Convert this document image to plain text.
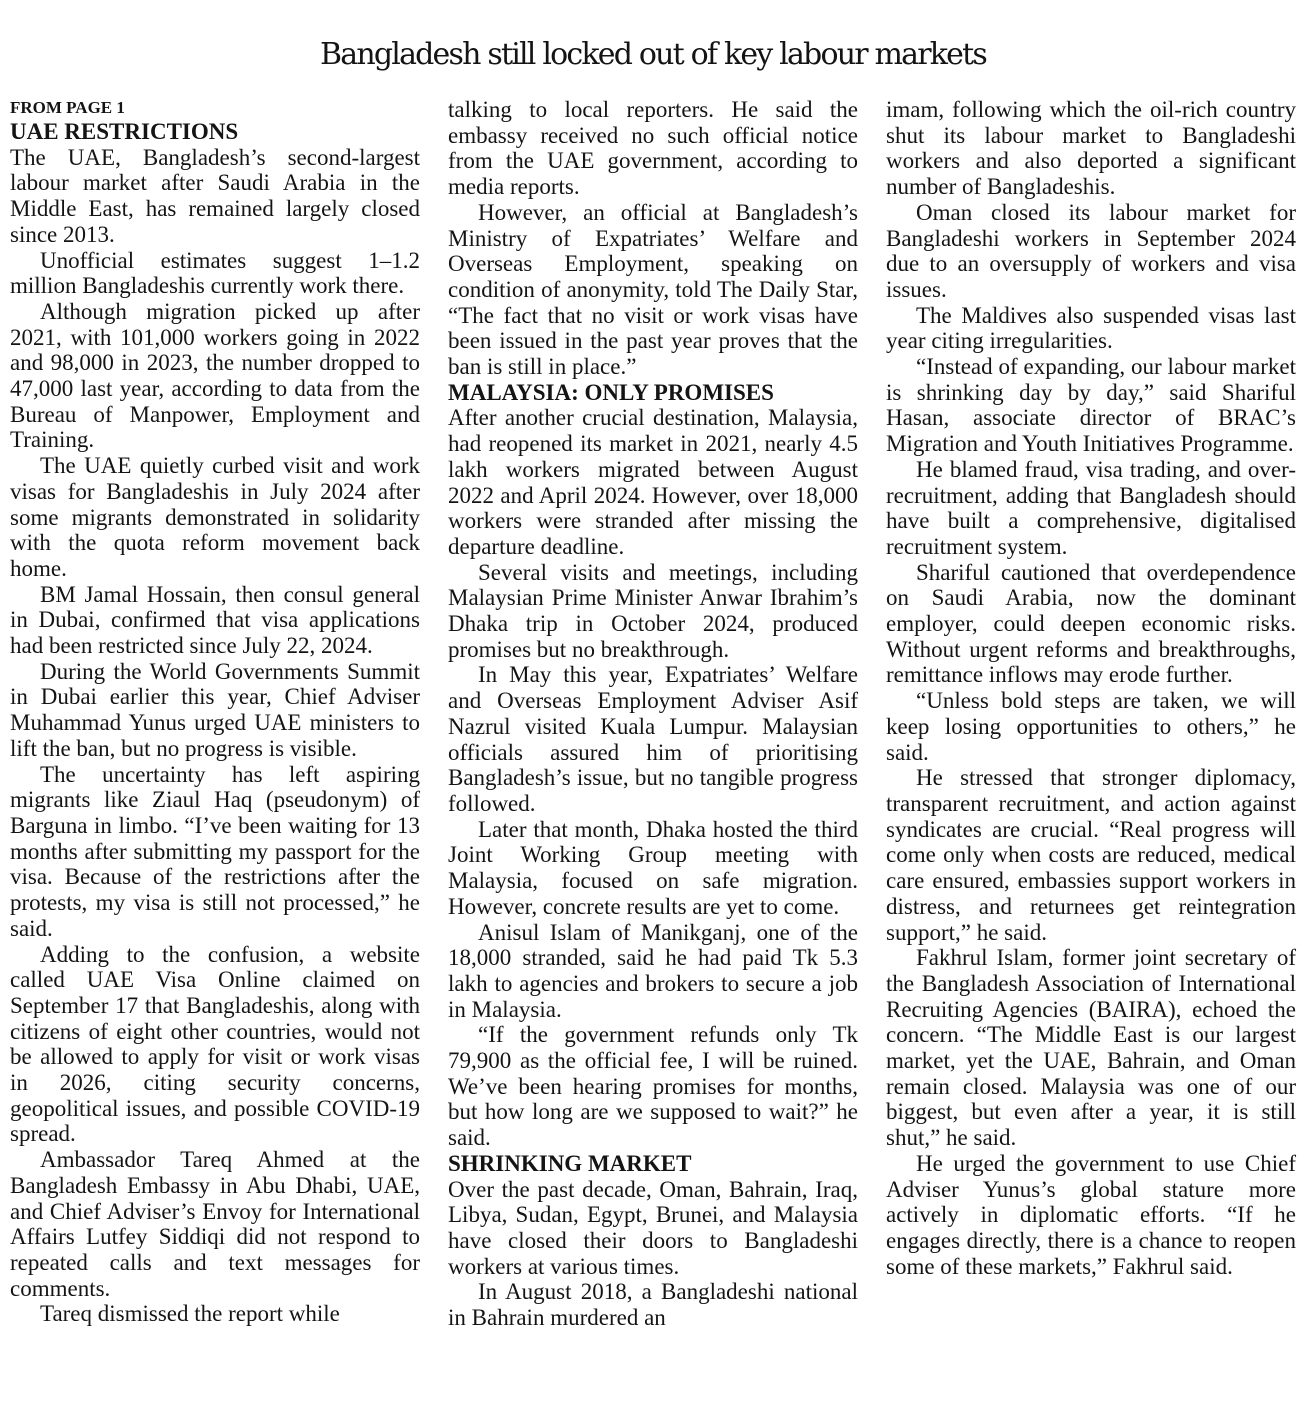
Bangladesh still locked out of key labour markets

FROM PAGE 1

UAE RESTRICTIONS

The UAE, Bangladesh’s second-largest labour market after Saudi Arabia in the Middle East, has remained largely closed since 2013.

Unofficial estimates suggest 1–1.2 million Bangladeshis currently work there.

Although migration picked up after 2021, with 101,000 workers going in 2022 and 98,000 in 2023, the number dropped to 47,000 last year, according to data from the Bureau of Manpower, Employment and Training.

The UAE quietly curbed visit and work visas for Bangladeshis in July 2024 after some migrants demonstrated in solidarity with the quota reform movement back home.

BM Jamal Hossain, then consul general in Dubai, confirmed that visa applications had been restricted since July 22, 2024.

During the World Governments Summit in Dubai earlier this year, Chief Adviser Muhammad Yunus urged UAE ministers to lift the ban, but no progress is visible.

The uncertainty has left aspiring migrants like Ziaul Haq (pseudonym) of Barguna in limbo. “I’ve been waiting for 13 months after submitting my passport for the visa. Because of the restrictions after the protests, my visa is still not processed,” he said.

Adding to the confusion, a website called UAE Visa Online claimed on September 17 that Bangladeshis, along with citizens of eight other countries, would not be allowed to apply for visit or work visas in 2026, citing security concerns, geopolitical issues, and possible COVID-19 spread.

Ambassador Tareq Ahmed at the Bangladesh Embassy in Abu Dhabi, UAE, and Chief Adviser’s Envoy for International Affairs Lutfey Siddiqi did not respond to repeated calls and text messages for comments.

Tareq dismissed the report while

talking to local reporters. He said the embassy received no such official notice from the UAE government, according to media reports.

However, an official at Bangladesh’s Ministry of Expatriates’ Welfare and Overseas Employment, speaking on condition of anonymity, told The Daily Star, “The fact that no visit or work visas have been issued in the past year proves that the ban is still in place.”

MALAYSIA: ONLY PROMISES

After another crucial destination, Malaysia, had reopened its market in 2021, nearly 4.5 lakh workers migrated between August 2022 and April 2024. However, over 18,000 workers were stranded after missing the departure deadline.

Several visits and meetings, including Malaysian Prime Minister Anwar Ibrahim’s Dhaka trip in October 2024, produced promises but no breakthrough.

In May this year, Expatriates’ Welfare and Overseas Employment Adviser Asif Nazrul visited Kuala Lumpur. Malaysian officials assured him of prioritising Bangladesh’s issue, but no tangible progress followed.

Later that month, Dhaka hosted the third Joint Working Group meeting with Malaysia, focused on safe migration. However, concrete results are yet to come.

Anisul Islam of Manikganj, one of the 18,000 stranded, said he had paid Tk 5.3 lakh to agencies and brokers to secure a job in Malaysia.

“If the government refunds only Tk 79,900 as the official fee, I will be ruined. We’ve been hearing promises for months, but how long are we supposed to wait?” he said.

SHRINKING MARKET

Over the past decade, Oman, Bahrain, Iraq, Libya, Sudan, Egypt, Brunei, and Malaysia have closed their doors to Bangladeshi workers at various times.

In August 2018, a Bangladeshi national in Bahrain murdered an

imam, following which the oil-rich country shut its labour market to Bangladeshi workers and also deported a significant number of Bangladeshis.

Oman closed its labour market for Bangladeshi workers in September 2024 due to an oversupply of workers and visa issues.

The Maldives also suspended visas last year citing irregularities.

“Instead of expanding, our labour market is shrinking day by day,” said Shariful Hasan, associate director of BRAC’s Migration and Youth Initiatives Programme.

He blamed fraud, visa trading, and over-recruitment, adding that Bangladesh should have built a comprehensive, digitalised recruitment system.

Shariful cautioned that overdependence on Saudi Arabia, now the dominant employer, could deepen economic risks. Without urgent reforms and breakthroughs, remittance inflows may erode further.

“Unless bold steps are taken, we will keep losing opportunities to others,” he said.

He stressed that stronger diplomacy, transparent recruitment, and action against syndicates are crucial. “Real progress will come only when costs are reduced, medical care ensured, embassies support workers in distress, and returnees get reintegration support,” he said.

Fakhrul Islam, former joint secretary of the Bangladesh Association of International Recruiting Agencies (BAIRA), echoed the concern. “The Middle East is our largest market, yet the UAE, Bahrain, and Oman remain closed. Malaysia was one of our biggest, but even after a year, it is still shut,” he said.

He urged the government to use Chief Adviser Yunus’s global stature more actively in diplomatic efforts. “If he engages directly, there is a chance to reopen some of these markets,” Fakhrul said.
